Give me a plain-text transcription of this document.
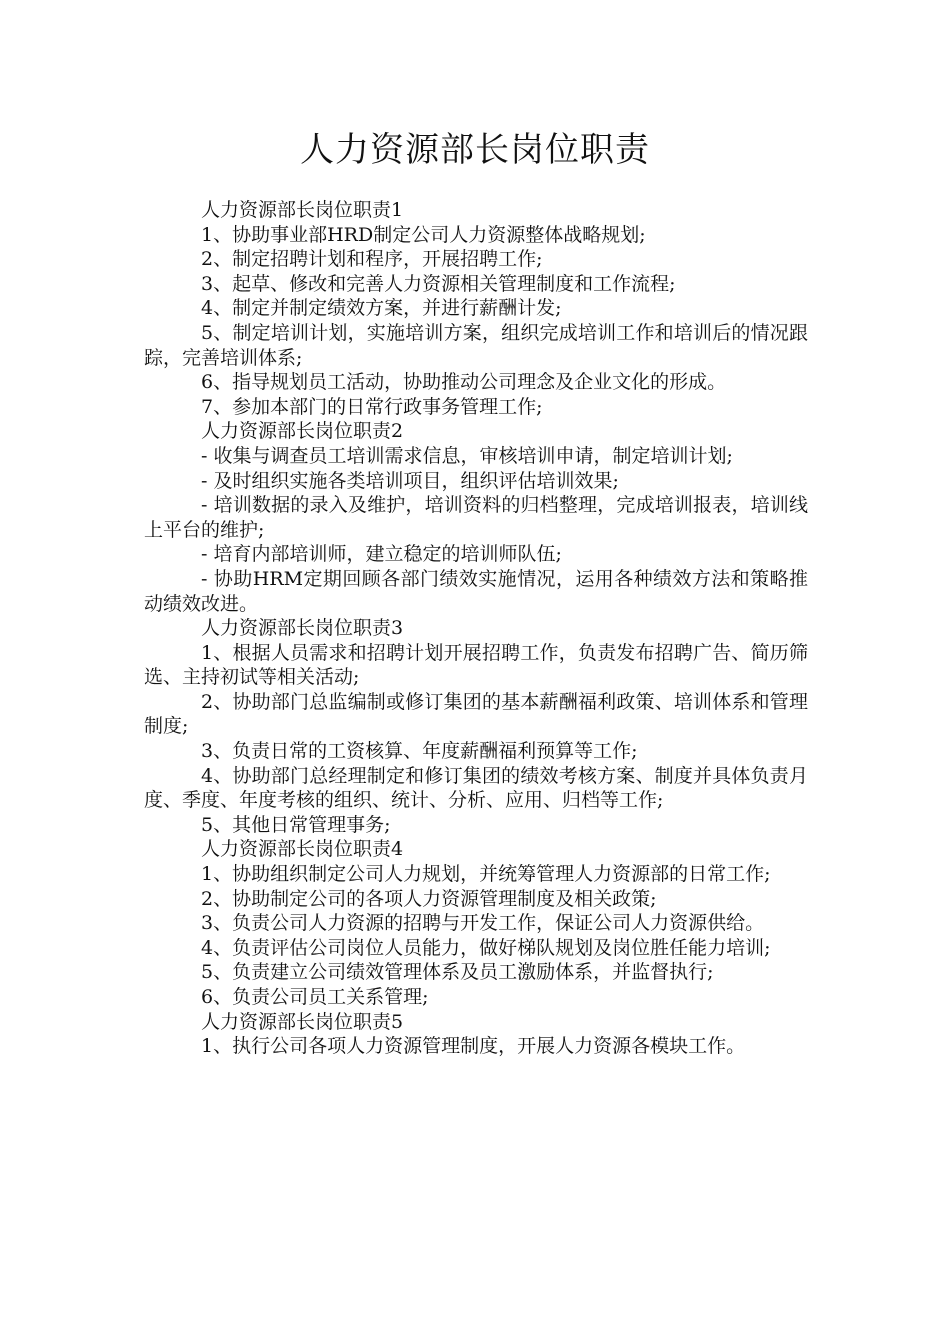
人力资源部长岗位职责

人力资源部长岗位职责1

1、协助事业部HRD制定公司人力资源整体战略规划;

2、制定招聘计划和程序，开展招聘工作;

3、起草、修改和完善人力资源相关管理制度和工作流程;

4、制定并制定绩效方案，并进行薪酬计发;

5、制定培训计划，实施培训方案，组织完成培训工作和培训后的情况跟踪，完善培训体系;

6、指导规划员工活动，协助推动公司理念及企业文化的形成。

7、参加本部门的日常行政事务管理工作;

人力资源部长岗位职责2

- 收集与调查员工培训需求信息，审核培训申请，制定培训计划;

- 及时组织实施各类培训项目，组织评估培训效果;

- 培训数据的录入及维护，培训资料的归档整理，完成培训报表，培训线上平台的维护;

- 培育内部培训师，建立稳定的培训师队伍;

- 协助HRM定期回顾各部门绩效实施情况，运用各种绩效方法和策略推动绩效改进。

人力资源部长岗位职责3

1、根据人员需求和招聘计划开展招聘工作，负责发布招聘广告、简历筛选、主持初试等相关活动;

2、协助部门总监编制或修订集团的基本薪酬福利政策、培训体系和管理制度;

3、负责日常的工资核算、年度薪酬福利预算等工作;

4、协助部门总经理制定和修订集团的绩效考核方案、制度并具体负责月度、季度、年度考核的组织、统计、分析、应用、归档等工作;

5、其他日常管理事务;

人力资源部长岗位职责4

1、协助组织制定公司人力规划，并统筹管理人力资源部的日常工作;

2、协助制定公司的各项人力资源管理制度及相关政策;

3、负责公司人力资源的招聘与开发工作，保证公司人力资源供给。

4、负责评估公司岗位人员能力，做好梯队规划及岗位胜任能力培训;

5、负责建立公司绩效管理体系及员工激励体系，并监督执行;

6、负责公司员工关系管理;

人力资源部长岗位职责5

1、执行公司各项人力资源管理制度，开展人力资源各模块工作。
